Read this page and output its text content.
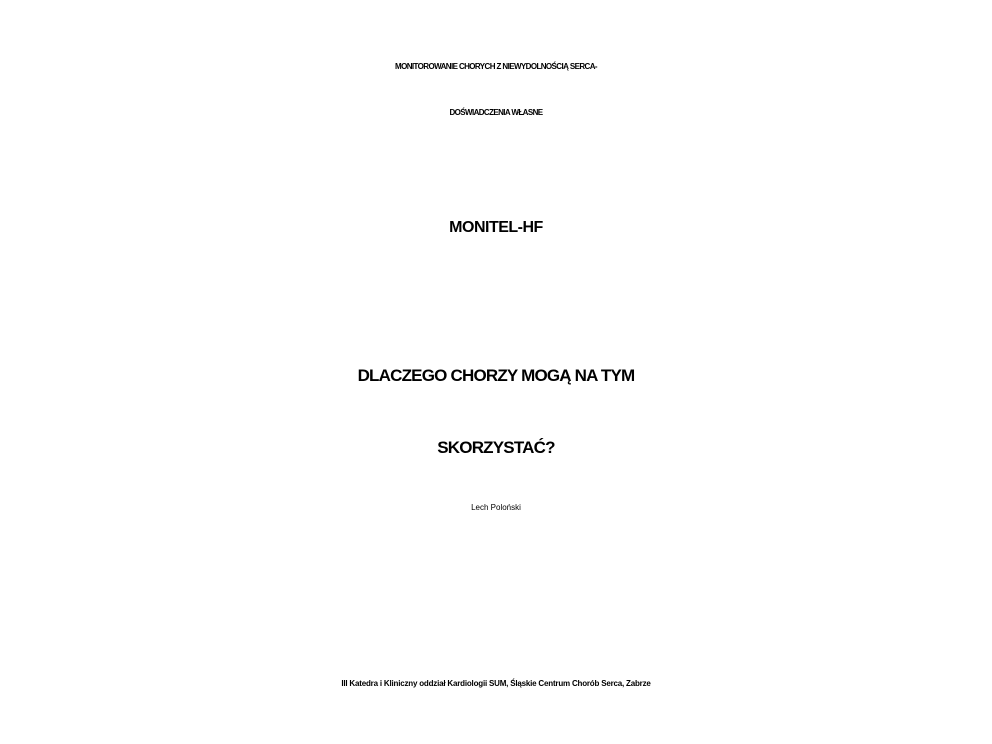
MONITOROWANIE CHORYCH Z NIEWYDOLNOŚCIĄ SERCA-

DOŚWIADCZENIA WŁASNE

MONITEL-HF

DLACZEGO CHORZY MOGĄ NA TYM

SKORZYSTAĆ?

Lech Poloński

III Katedra i Kliniczny oddział Kardiologii SUM, Śląskie Centrum Chorób Serca, Zabrze
